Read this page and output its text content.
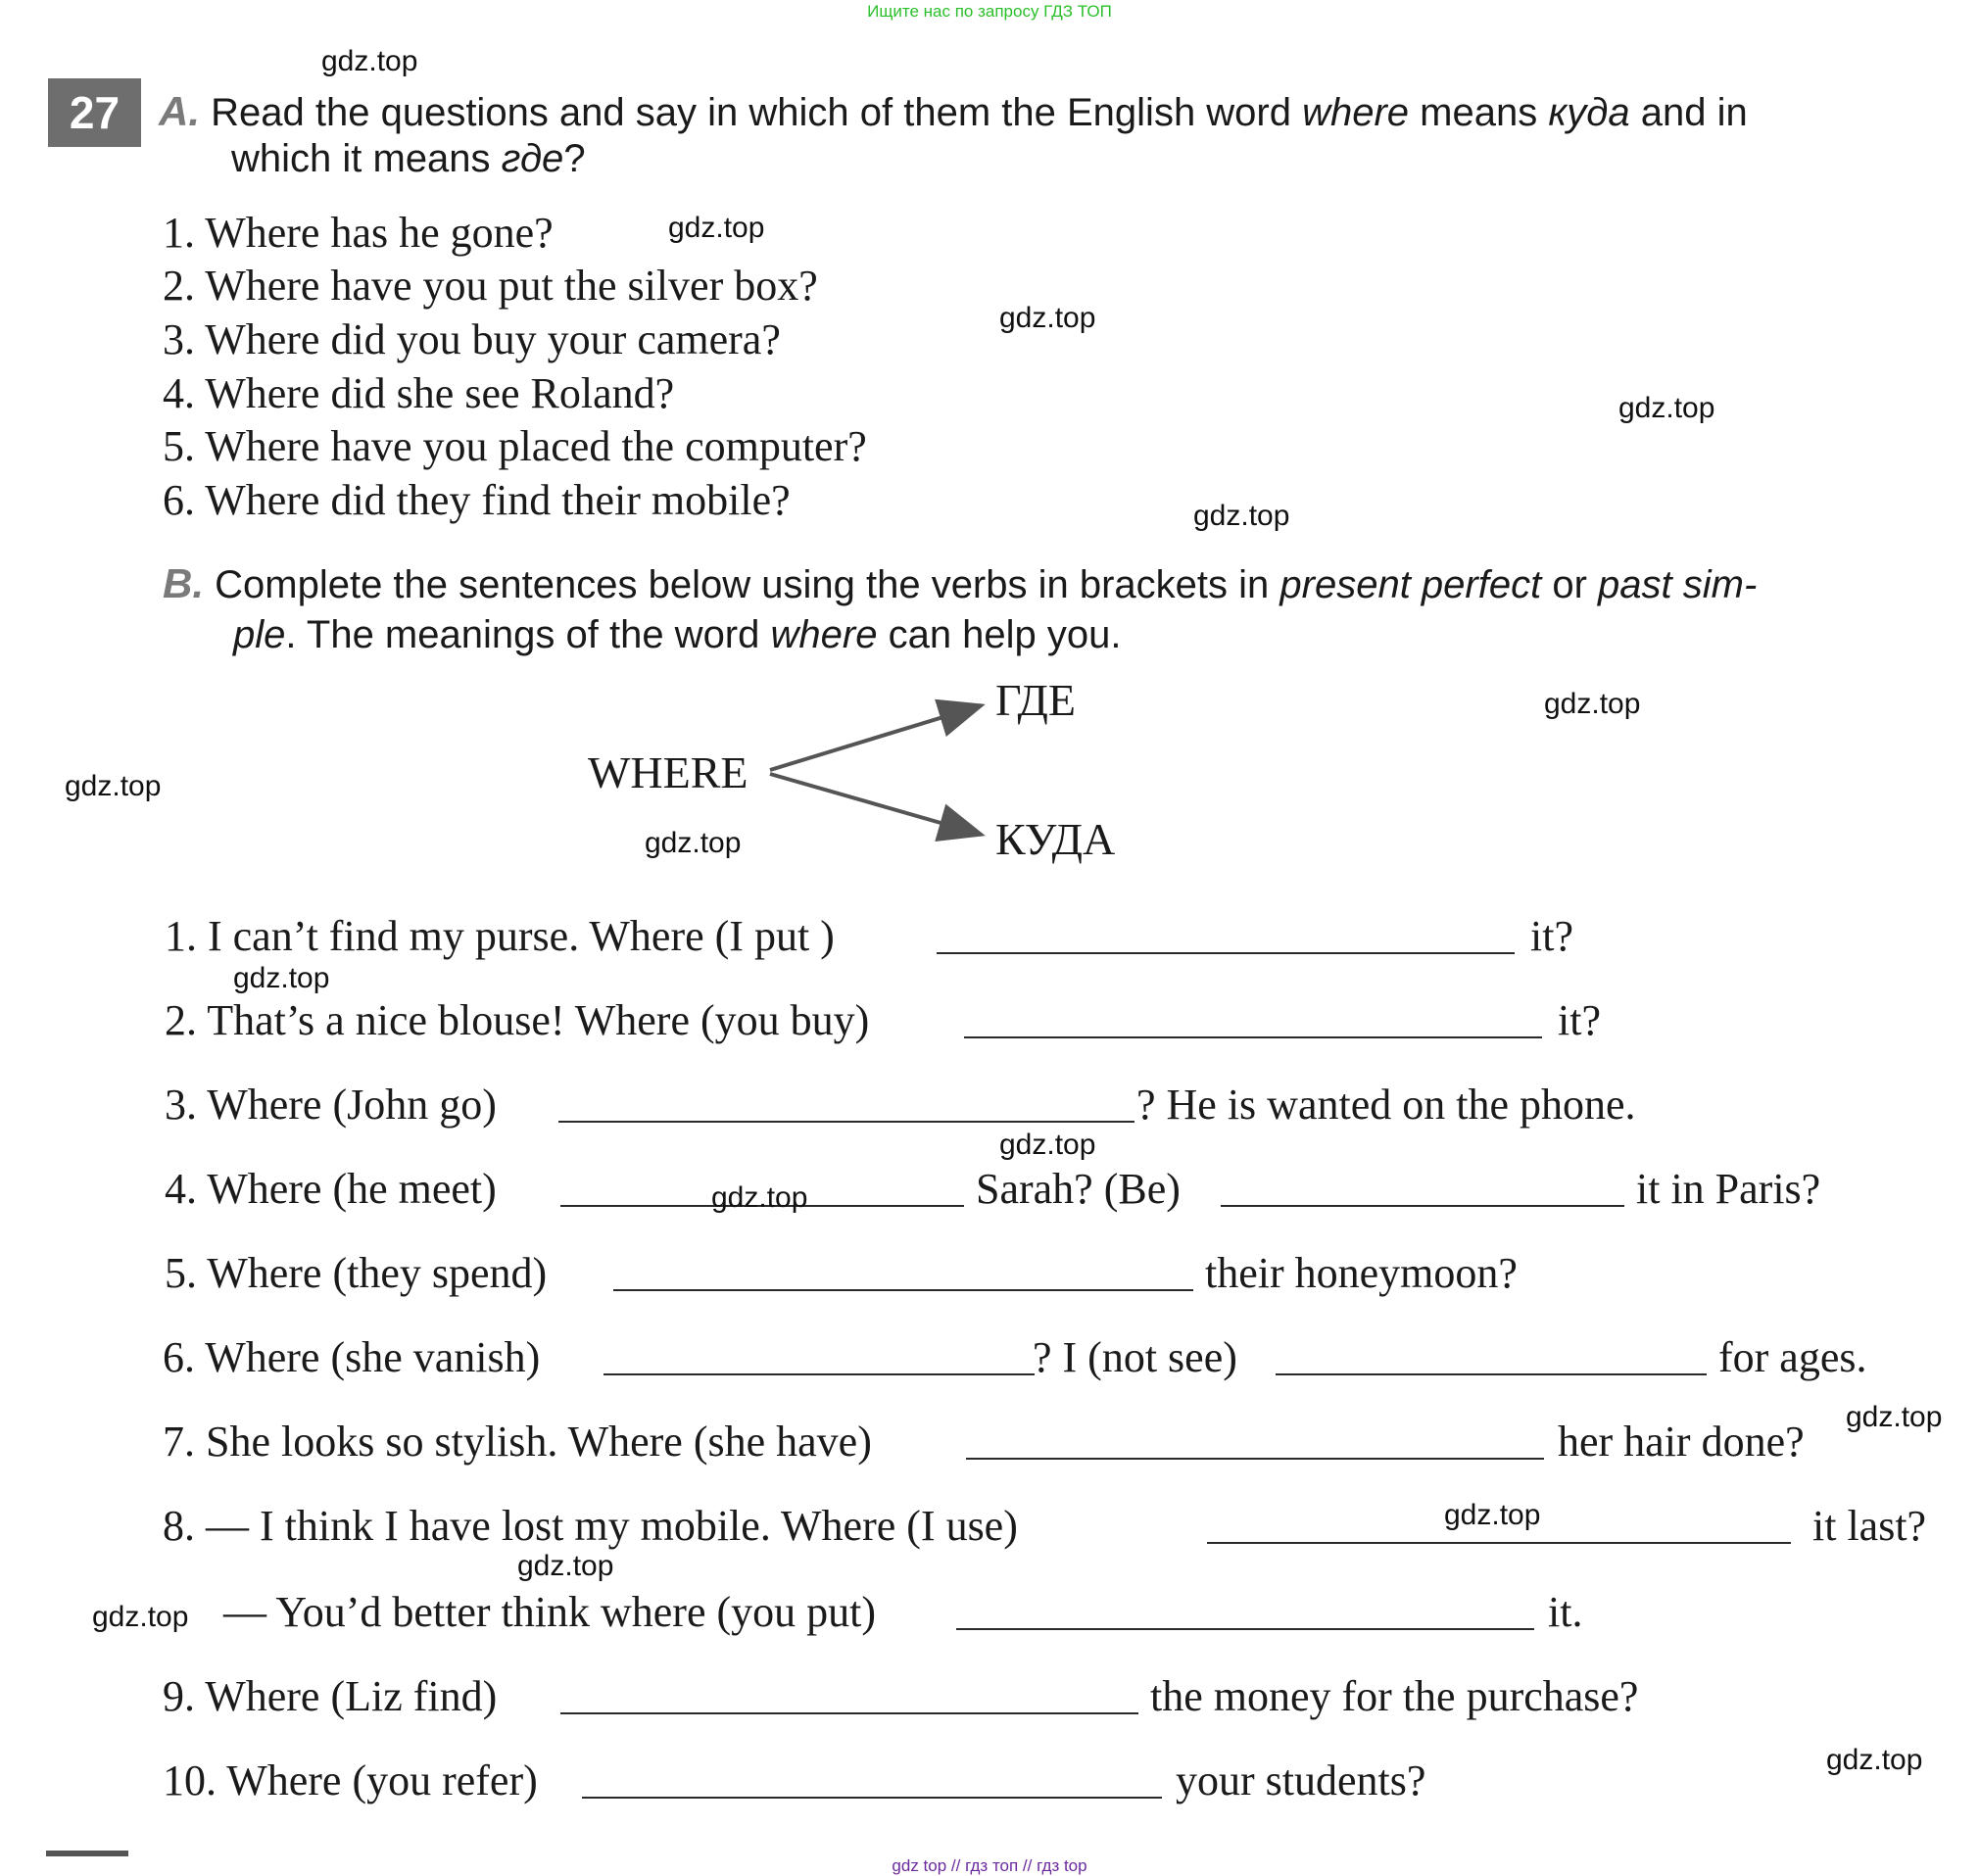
Ищите нас по запросу ГДЗ ТОП
27 A. Read the questions and say in which of them the English word where means куда and in
which it means где?
1. Where has he gone?
2. Where have you put the silver box?
3. Where did you buy your camera?
4. Where did she see Roland?
5. Where have you placed the computer?
6. Where did they find their mobile?
B. Complete the sentences below using the verbs in brackets in present perfect or past sim-
ple. The meanings of the word where can help you.
WHERE
ГДЕ
КУДА
1. I can’t find my purse. Where (I put )	it?
2. That’s a nice blouse! Where (you buy)	it?
3. Where (John go)	? He is wanted on the phone.
4. Where (he meet)	Sarah? (Be)	it in Paris?
5. Where (they spend)	their honeymoon?
6. Where (she vanish)	? I (not see)	for ages.
7. She looks so stylish. Where (she have)	her hair done?
8. — I think I have lost my mobile. Where (I use)	it last?
— You’d better think where (you put)	it.
9. Where (Liz find)	the money for the purchase?
10. Where (you refer)	your students?
gdz.top
gdz.top
gdz.top
gdz.top
gdz.top
gdz.top
gdz.top
gdz.top
gdz.top
gdz.top
gdz.top
gdz.top
gdz.top
gdz.top
gdz.top
gdz.top
gdz top // гдз топ // гдз top
